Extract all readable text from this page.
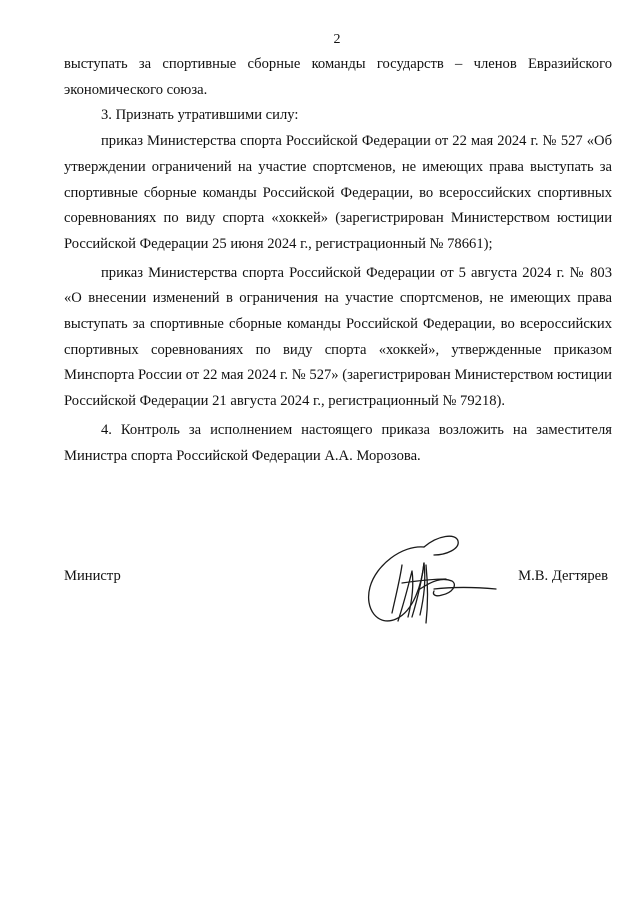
2

выступать за спортивные сборные команды государств – членов Евразийского экономического союза.

3. Признать утратившими силу:

приказ Министерства спорта Российской Федерации от 22 мая 2024 г. № 527 «Об утверждении ограничений на участие спортсменов, не имеющих права выступать за спортивные сборные команды Российской Федерации, во всероссийских спортивных соревнованиях по виду спорта «хоккей» (зарегистрирован Министерством юстиции Российской Федерации 25 июня 2024 г., регистрационный № 78661);

приказ Министерства спорта Российской Федерации от 5 августа 2024 г. № 803 «О внесении изменений в ограничения на участие спортсменов, не имеющих права выступать за спортивные сборные команды Российской Федерации, во всероссийских спортивных соревнованиях по виду спорта «хоккей», утвержденные приказом Минспорта России от 22 мая 2024 г. № 527» (зарегистрирован Министерством юстиции Российской Федерации 21 августа 2024 г., регистрационный № 79218).

4. Контроль за исполнением настоящего приказа возложить на заместителя Министра спорта Российской Федерации А.А. Морозова.

Министр	М.В. Дегтярев
